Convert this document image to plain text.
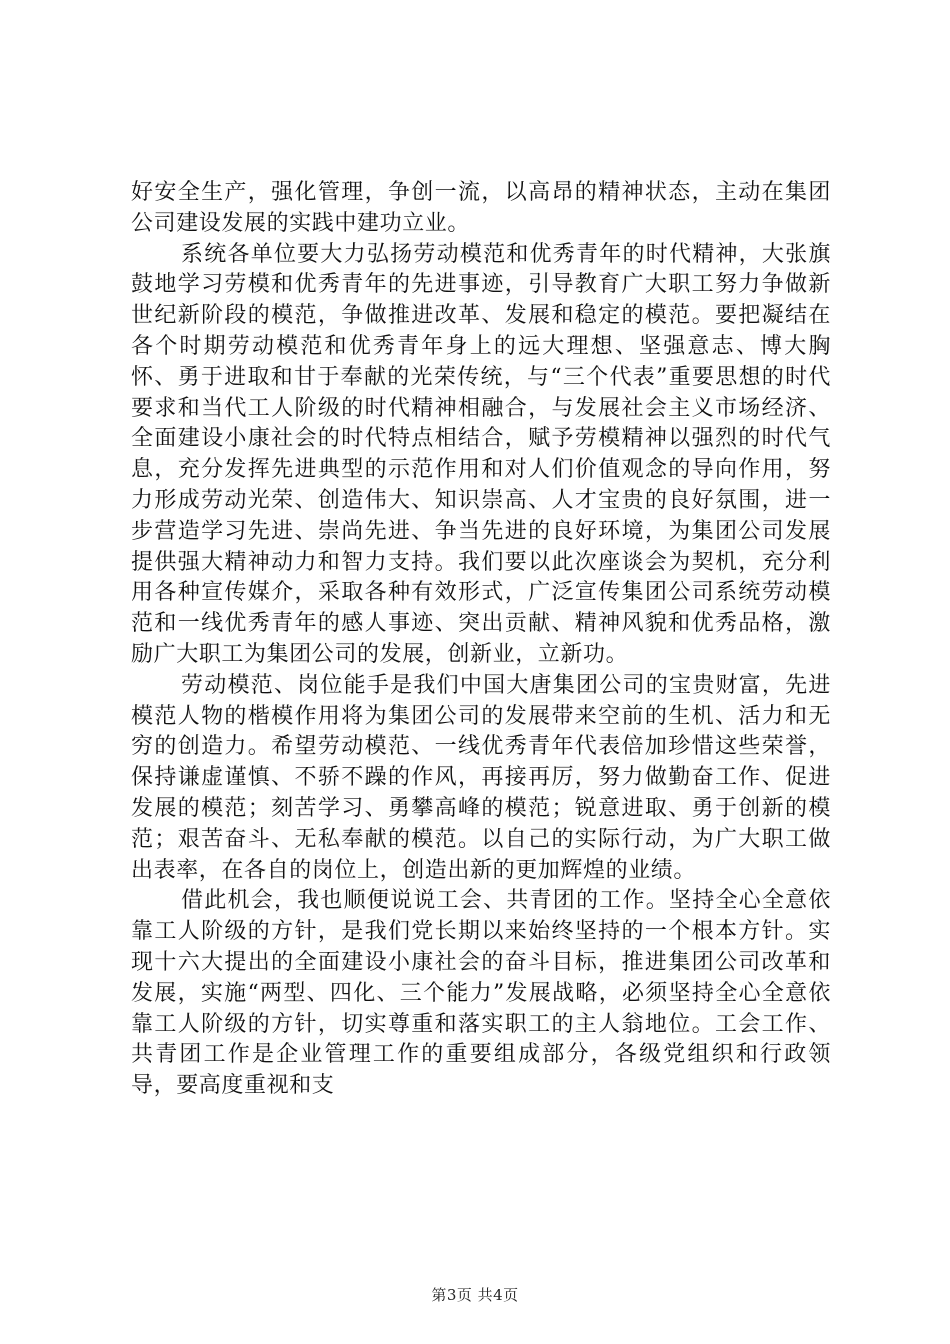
好安全生产，强化管理，争创一流，以高昂的精神状态，主动在集团公司建设发展的实践中建功立业。

系统各单位要大力弘扬劳动模范和优秀青年的时代精神，大张旗鼓地学习劳模和优秀青年的先进事迹，引导教育广大职工努力争做新世纪新阶段的模范，争做推进改革、发展和稳定的模范。要把凝结在各个时期劳动模范和优秀青年身上的远大理想、坚强意志、博大胸怀、勇于进取和甘于奉献的光荣传统，与“三个代表”重要思想的时代要求和当代工人阶级的时代精神相融合，与发展社会主义市场经济、全面建设小康社会的时代特点相结合，赋予劳模精神以强烈的时代气息，充分发挥先进典型的示范作用和对人们价值观念的导向作用，努力形成劳动光荣、创造伟大、知识崇高、人才宝贵的良好氛围，进一步营造学习先进、崇尚先进、争当先进的良好环境，为集团公司发展提供强大精神动力和智力支持。我们要以此次座谈会为契机，充分利用各种宣传媒介，采取各种有效形式，广泛宣传集团公司系统劳动模范和一线优秀青年的感人事迹、突出贡献、精神风貌和优秀品格，激励广大职工为集团公司的发展，创新业，立新功。

劳动模范、岗位能手是我们中国大唐集团公司的宝贵财富，先进模范人物的楷模作用将为集团公司的发展带来空前的生机、活力和无穷的创造力。希望劳动模范、一线优秀青年代表倍加珍惜这些荣誉，保持谦虚谨慎、不骄不躁的作风，再接再厉，努力做勤奋工作、促进发展的模范；刻苦学习、勇攀高峰的模范；锐意进取、勇于创新的模范；艰苦奋斗、无私奉献的模范。以自己的实际行动，为广大职工做出表率，在各自的岗位上，创造出新的更加辉煌的业绩。

借此机会，我也顺便说说工会、共青团的工作。坚持全心全意依靠工人阶级的方针，是我们党长期以来始终坚持的一个根本方针。实现十六大提出的全面建设小康社会的奋斗目标，推进集团公司改革和发展，实施“两型、四化、三个能力”发展战略，必须坚持全心全意依靠工人阶级的方针，切实尊重和落实职工的主人翁地位。工会工作、共青团工作是企业管理工作的重要组成部分，各级党组织和行政领导，要高度重视和支

第3页 共4页
